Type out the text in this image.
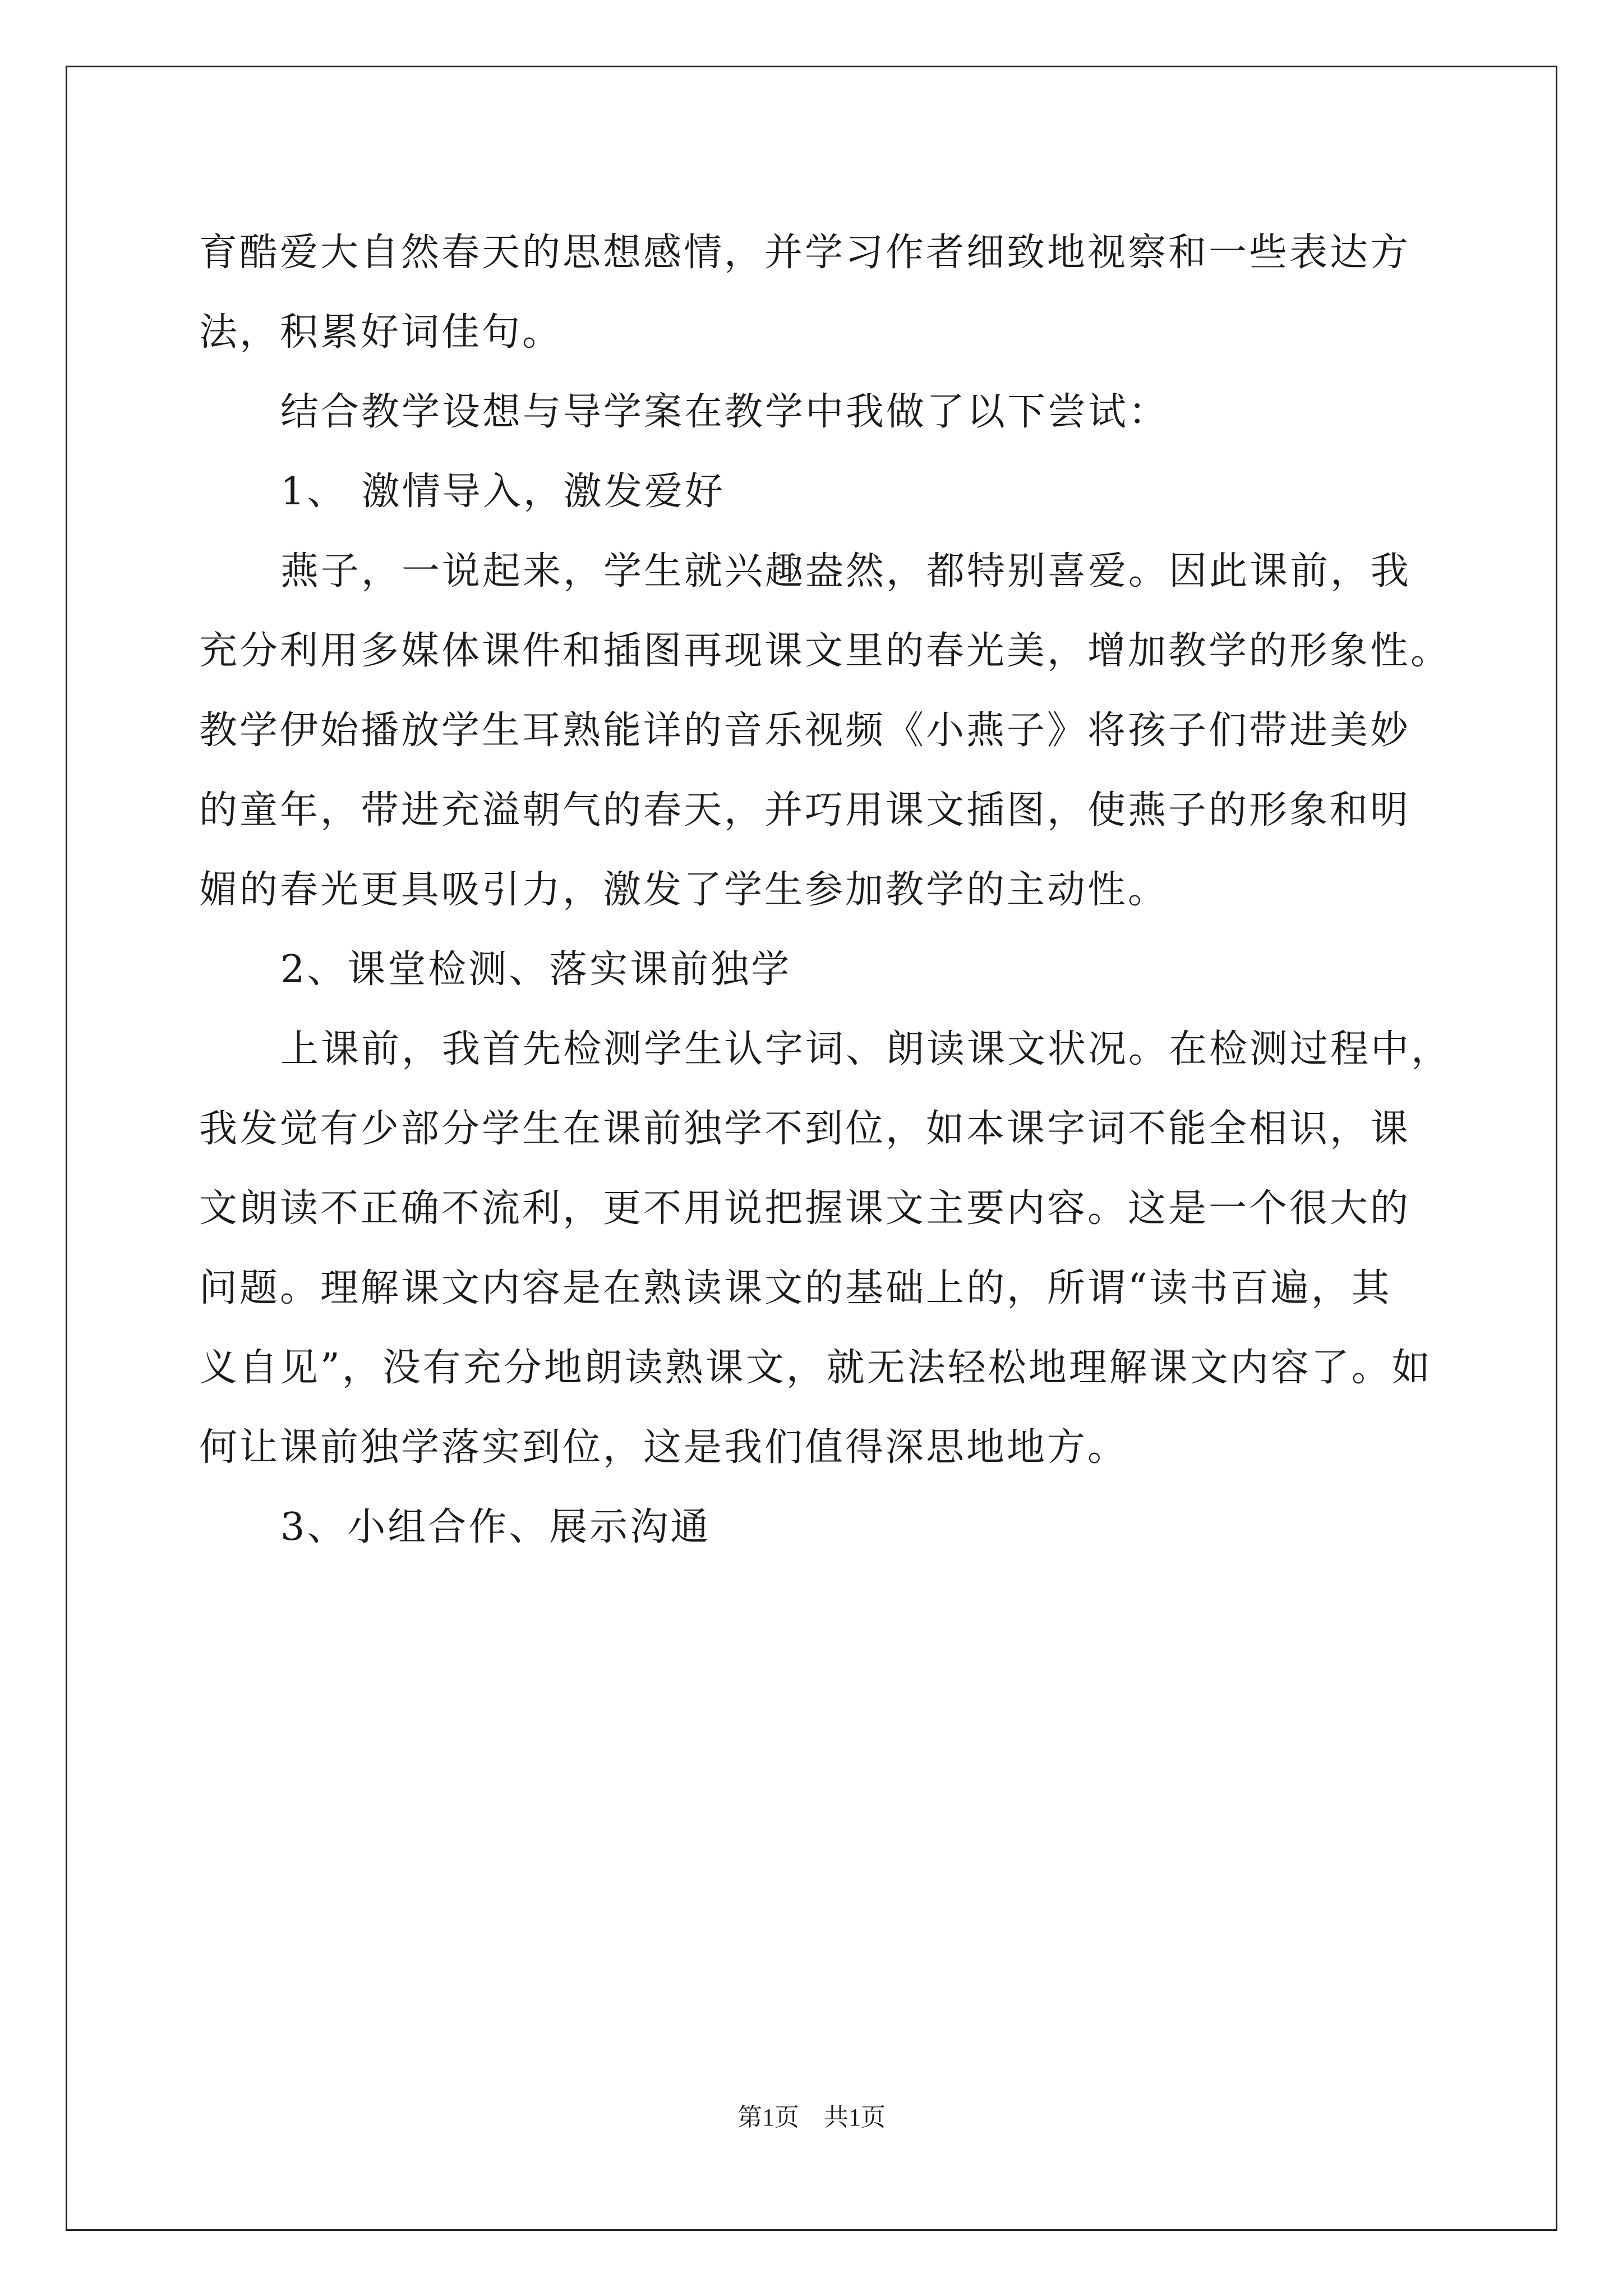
育酷爱大自然春天的思想感情，并学习作者细致地视察和一些表达方

法，积累好词佳句。

结合教学设想与导学案在教学中我做了以下尝试：

1、 激情导入，激发爱好

燕子，一说起来，学生就兴趣盎然，都特别喜爱。因此课前，我

充分利用多媒体课件和插图再现课文里的春光美，增加教学的形象性。

教学伊始播放学生耳熟能详的音乐视频《小燕子》将孩子们带进美妙

的童年，带进充溢朝气的春天，并巧用课文插图，使燕子的形象和明

媚的春光更具吸引力，激发了学生参加教学的主动性。

2、课堂检测、落实课前独学

上课前，我首先检测学生认字词、朗读课文状况。在检测过程中，

我发觉有少部分学生在课前独学不到位，如本课字词不能全相识，课

文朗读不正确不流利，更不用说把握课文主要内容。这是一个很大的

问题。理解课文内容是在熟读课文的基础上的，所谓“读书百遍，其

义自见”，没有充分地朗读熟课文，就无法轻松地理解课文内容了。如

何让课前独学落实到位，这是我们值得深思地地方。

3、小组合作、展示沟通

第1页　共1页
